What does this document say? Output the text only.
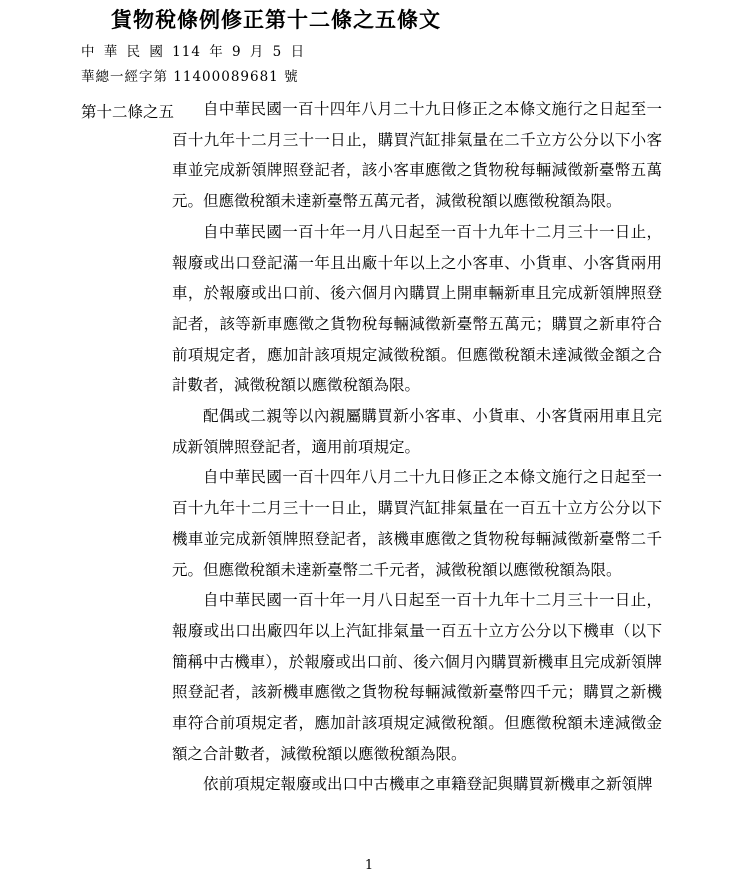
貨物稅條例修正第十二條之五條文
中 華 民 國 114 年 9 月 5 日
華總一經字第 11400089681 號
第十二條之五	自中華民國一百十四年八月二十九日修正之本條文施行之日起至一百十九年十二月三十一日止，購買汽缸排氣量在二千立方公分以下小客車並完成新領牌照登記者，該小客車應徵之貨物稅每輛減徵新臺幣五萬元。但應徵稅額未達新臺幣五萬元者，減徵稅額以應徵稅額為限。

自中華民國一百十年一月八日起至一百十九年十二月三十一日止，報廢或出口登記滿一年且出廠十年以上之小客車、小貨車、小客貨兩用車，於報廢或出口前、後六個月內購買上開車輛新車且完成新領牌照登記者，該等新車應徵之貨物稅每輛減徵新臺幣五萬元；購買之新車符合前項規定者，應加計該項規定減徵稅額。但應徵稅額未達減徵金額之合計數者，減徵稅額以應徵稅額為限。

配偶或二親等以內親屬購買新小客車、小貨車、小客貨兩用車且完成新領牌照登記者，適用前項規定。

自中華民國一百十四年八月二十九日修正之本條文施行之日起至一百十九年十二月三十一日止，購買汽缸排氣量在一百五十立方公分以下機車並完成新領牌照登記者，該機車應徵之貨物稅每輛減徵新臺幣二千元。但應徵稅額未達新臺幣二千元者，減徵稅額以應徵稅額為限。

自中華民國一百十年一月八日起至一百十九年十二月三十一日止，報廢或出口出廠四年以上汽缸排氣量一百五十立方公分以下機車（以下簡稱中古機車），於報廢或出口前、後六個月內購買新機車且完成新領牌照登記者，該新機車應徵之貨物稅每輛減徵新臺幣四千元；購買之新機車符合前項規定者，應加計該項規定減徵稅額。但應徵稅額未達減徵金額之合計數者，減徵稅額以應徵稅額為限。

依前項規定報廢或出口中古機車之車籍登記與購買新機車之新領牌

1
